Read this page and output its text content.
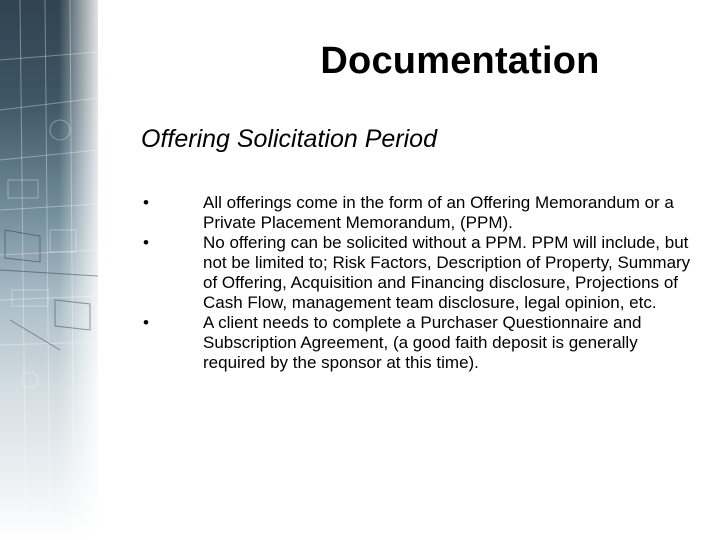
Documentation
Offering Solicitation Period
•	All offerings come in the form of an Offering Memorandum or a Private Placement Memorandum, (PPM).
•	No offering can be solicited without a PPM. PPM will include, but not be limited to; Risk Factors, Description of Property, Summary of Offering, Acquisition and Financing disclosure, Projections of Cash Flow, management team disclosure, legal opinion, etc.
•	A client needs to complete a Purchaser Questionnaire and Subscription Agreement, (a good faith deposit is generally required by the sponsor at this time).
